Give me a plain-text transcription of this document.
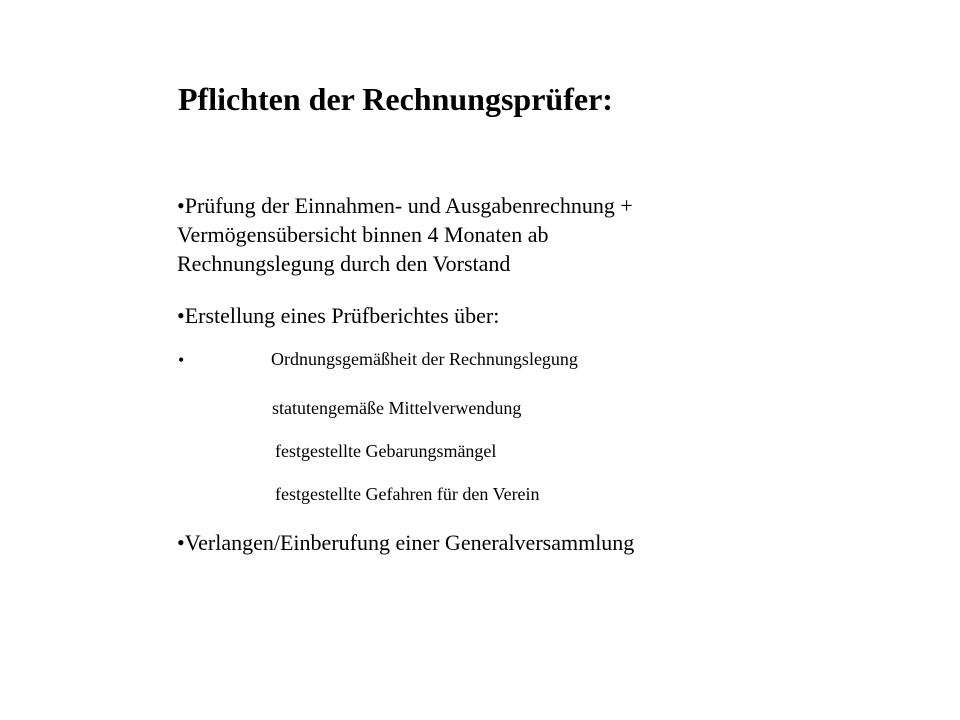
Pflichten der Rechnungsprüfer:
•Prüfung der Einnahmen- und Ausgabenrechnung +
Vermögensübersicht binnen 4 Monaten ab
Rechnungslegung durch den Vorstand
•Erstellung eines Prüfberichtes über:
•	Ordnungsgemäßheit der Rechnungslegung
statutengemäße Mittelverwendung
festgestellte Gebarungsmängel
festgestellte Gefahren für den Verein
•Verlangen/Einberufung einer Generalversammlung
